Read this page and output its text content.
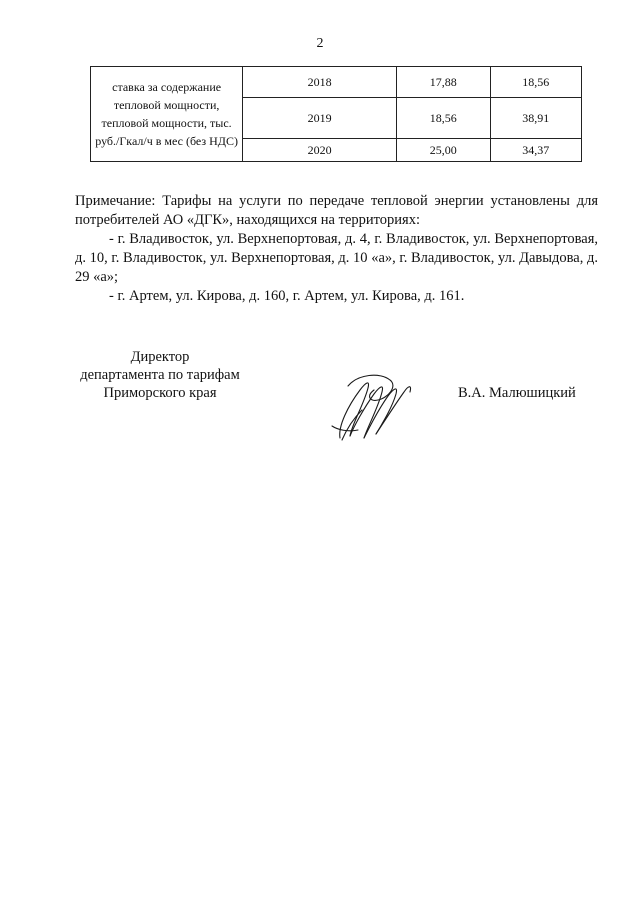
2
ставка за содержание тепловой мощности, тепловой мощности, тыс. руб./Гкал/ч в мес (без НДС)	2018	17,88	18,56
	2019	18,56	38,91
	2020	25,00	34,37

Примечание: Тарифы на услуги по передаче тепловой энергии установлены для потребителей АО «ДГК», находящихся на территориях:

- г. Владивосток, ул. Верхнепортовая, д. 4, г. Владивосток, ул. Верхнепортовая, д. 10, г. Владивосток, ул. Верхнепортовая, д. 10 «а», г. Владивосток, ул. Давыдова, д. 29 «а»;

- г. Артем, ул. Кирова, д. 160, г. Артем, ул. Кирова, д. 161.

Директор
департамента по тарифам
Приморского края	В.А. Малюшицкий
